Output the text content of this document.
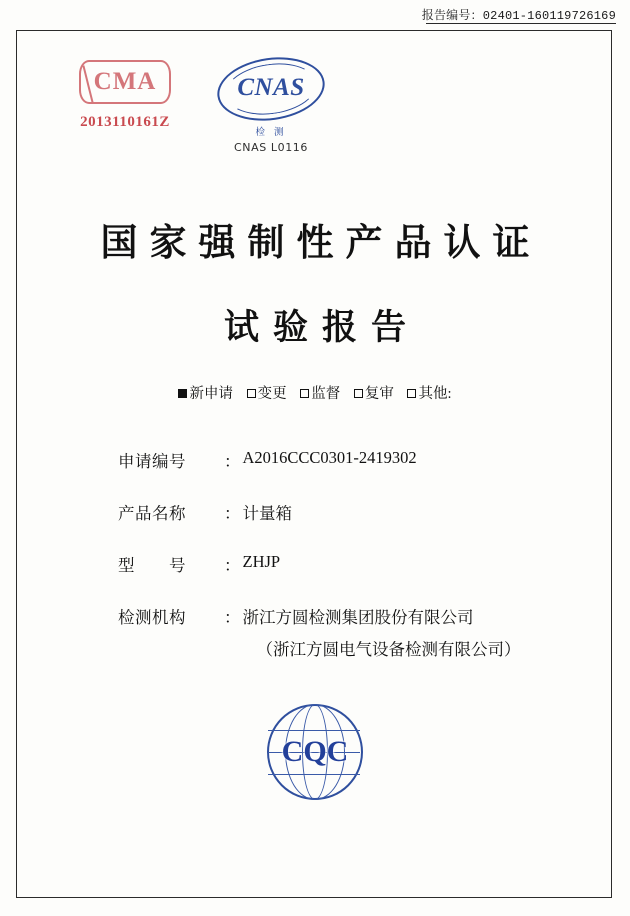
报告编号：02401-160119726169
CMA
2013110161Z
CNAS
检 测
CNAS L0116
国家强制性产品认证
试验报告
新申请 变更 监督 复审 其他:
申请编号	： A2016CCC0301-2419302
产品名称	： 计量箱
型　　号	： ZHJP
检测机构	： 浙江方圆检测集团股份有限公司
（浙江方圆电气设备检测有限公司）
CQC
